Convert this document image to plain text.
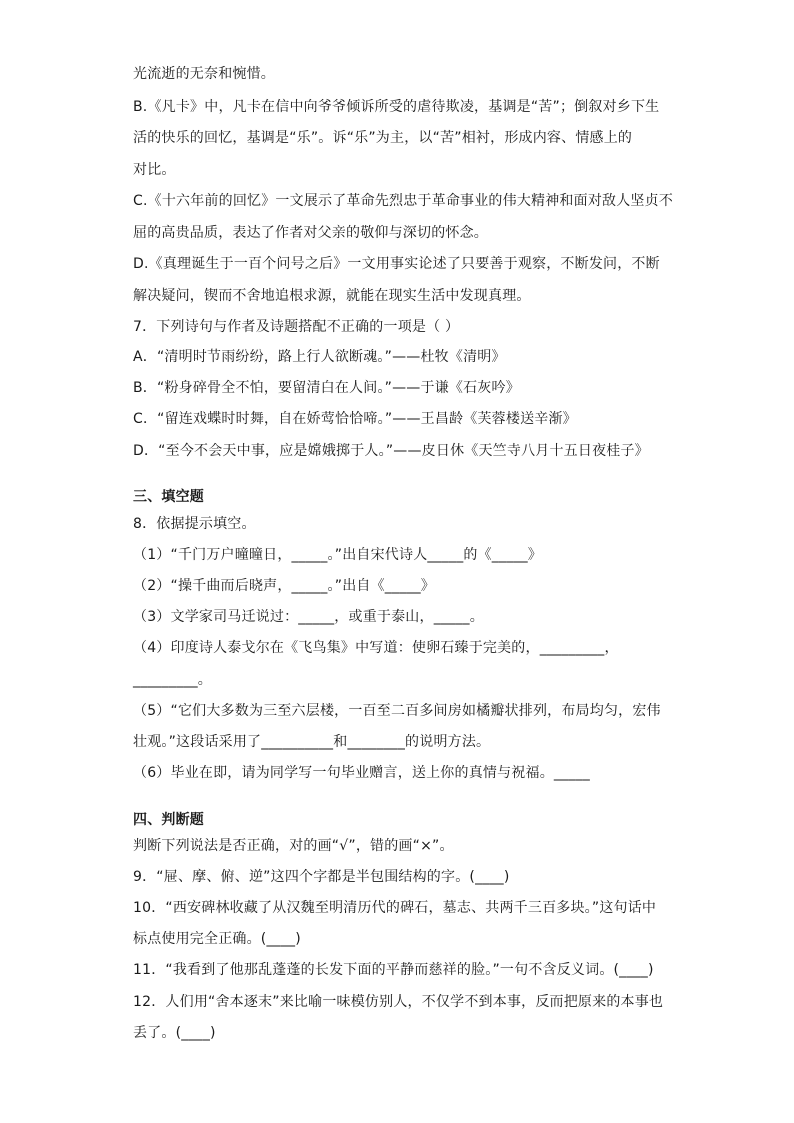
光流逝的无奈和惋惜。
B.《凡卡》中，凡卡在信中向爷爷倾诉所受的虐待欺凌，基调是“苦”；倒叙对乡下生
活的快乐的回忆，基调是“乐”。诉“乐”为主，以“苦”相衬，形成内容、情感上的
对比。
C.《十六年前的回忆》一文展示了革命先烈忠于革命事业的伟大精神和面对敌人坚贞不
屈的高贵品质，表达了作者对父亲的敬仰与深切的怀念。
D.《真理诞生于一百个问号之后》一文用事实论述了只要善于观察，不断发问，不断
解决疑问，锲而不舍地追根求源，就能在现实生活中发现真理。
7．下列诗句与作者及诗题搭配不正确的一项是（ ）
A．“清明时节雨纷纷，路上行人欲断魂。”——杜牧《清明》
B．“粉身碎骨全不怕，要留清白在人间。”——于谦《石灰吟》
C．“留连戏蝶时时舞，自在娇莺恰恰啼。”——王昌龄《芙蓉楼送辛渐》
D．“至今不会天中事，应是嫦娥掷于人。”——皮日休《天竺寺八月十五日夜桂子》
三、填空题
8．依据提示填空。
（1）“千门万户曈曈日，_____。”出自宋代诗人_____的《_____》
（2）“操千曲而后晓声，_____。”出自《_____》
（3）文学家司马迁说过：_____，或重于泰山，_____。
（4）印度诗人泰戈尔在《飞鸟集》中写道：使卵石臻于完美的，_________，
_________。
（5）“它们大多数为三至六层楼，一百至二百多间房如橘瓣状排列，布局均匀，宏伟
壮观。”这段话采用了__________和________的说明方法。
（6）毕业在即，请为同学写一句毕业赠言，送上你的真情与祝福。_____
四、判断题
判断下列说法是否正确，对的画“√”，错的画“×”。
9．“屉、摩、俯、逆”这四个字都是半包围结构的字。(____)
10．“西安碑林收藏了从汉魏至明清历代的碑石，墓志、共两千三百多块。”这句话中
标点使用完全正确。(____)
11．“我看到了他那乱蓬蓬的长发下面的平静而慈祥的脸。”一句不含反义词。(____)
12．人们用“舍本逐末”来比喻一味模仿别人，不仅学不到本事，反而把原来的本事也
丢了。(____)
